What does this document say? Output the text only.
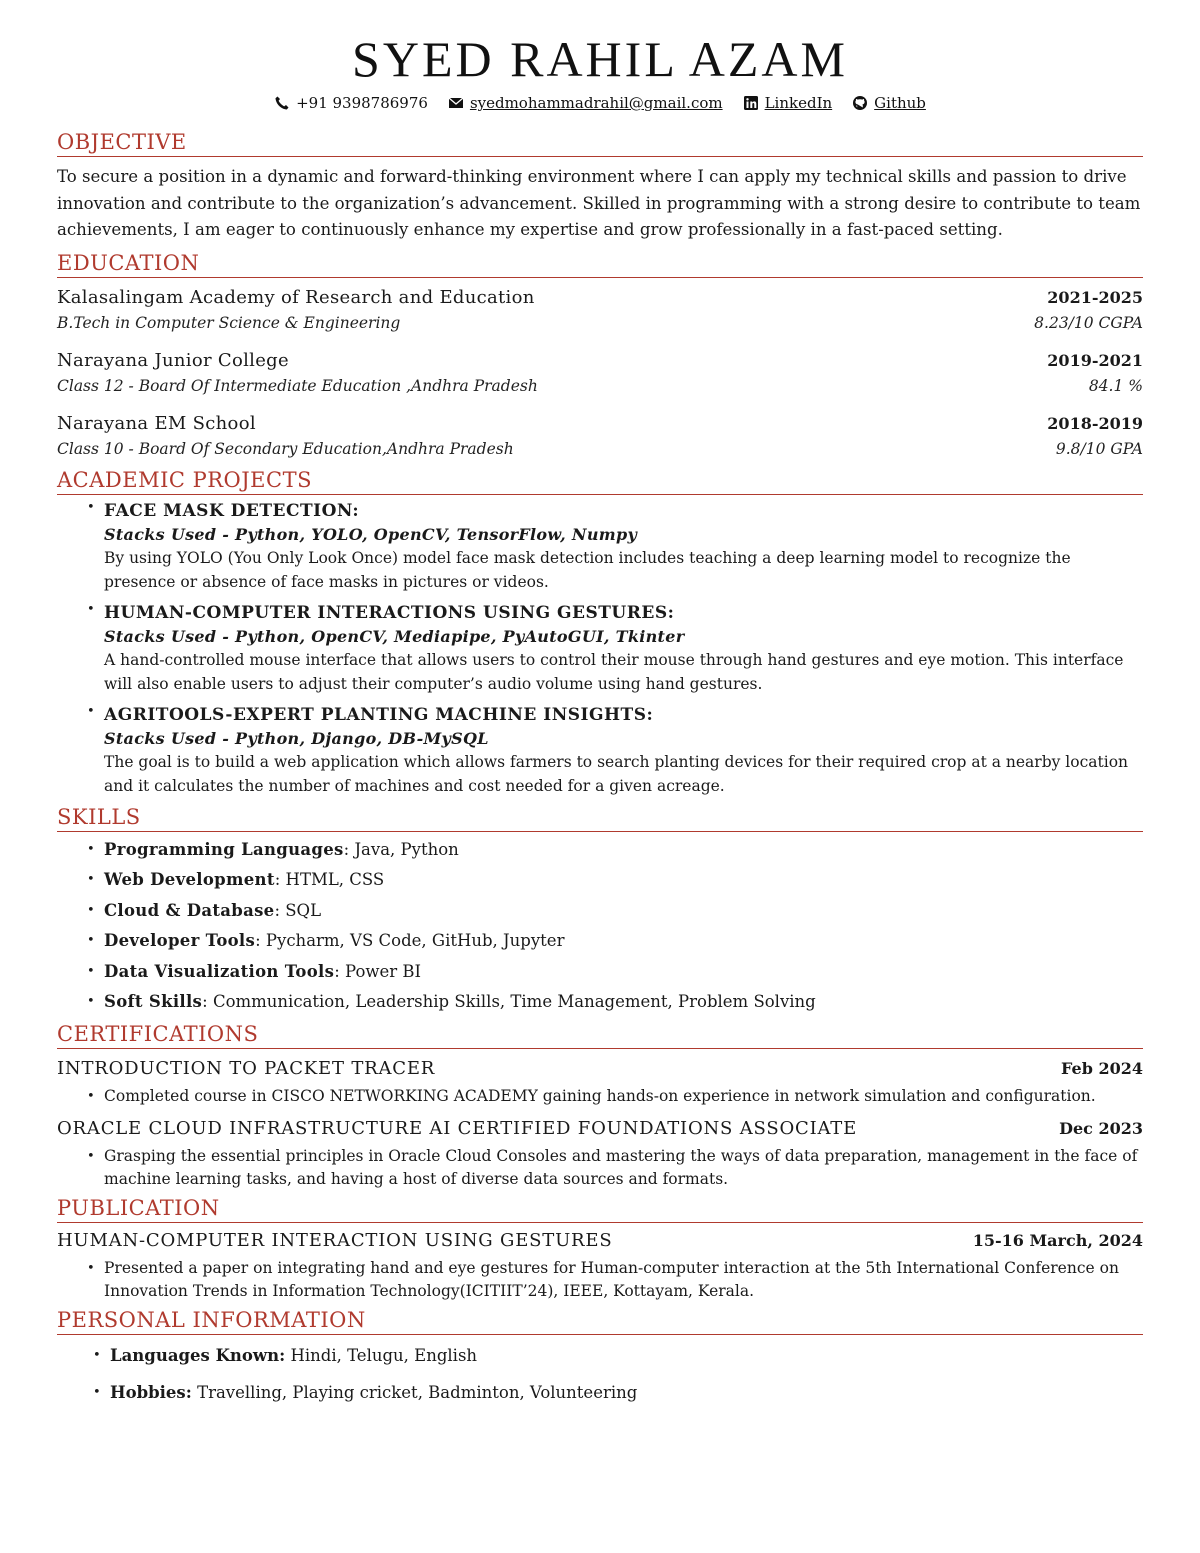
SYED RAHIL AZAM
+91 9398786976	syedmohammadrahil@gmail.com	LinkedIn	Github
OBJECTIVE

To secure a position in a dynamic and forward-thinking environment where I can apply my technical skills and passion to drive innovation and contribute to the organization’s advancement. Skilled in programming with a strong desire to contribute to team achievements, I am eager to continuously enhance my expertise and grow professionally in a fast-paced setting.

EDUCATION
Kalasalingam Academy of Research and Education	2021-2025
B.Tech in Computer Science & Engineering	8.23/10 CGPA
Narayana Junior College	2019-2021
Class 12 - Board Of Intermediate Education ,Andhra Pradesh	84.1 %
Narayana EM School	2018-2019
Class 10 - Board Of Secondary Education,Andhra Pradesh	9.8/10 GPA
ACADEMIC PROJECTS
• FACE MASK DETECTION:
Stacks Used - Python, YOLO, OpenCV, TensorFlow, Numpy
By using YOLO (You Only Look Once) model face mask detection includes teaching a deep learning model to recognize the presence or absence of face masks in pictures or videos.
• HUMAN-COMPUTER INTERACTIONS USING GESTURES:
Stacks Used - Python, OpenCV, Mediapipe, PyAutoGUI, Tkinter
A hand-controlled mouse interface that allows users to control their mouse through hand gestures and eye motion. This interface will also enable users to adjust their computer’s audio volume using hand gestures.
• AGRITOOLS-EXPERT PLANTING MACHINE INSIGHTS:
Stacks Used - Python, Django, DB-MySQL
The goal is to build a web application which allows farmers to search planting devices for their required crop at a nearby location and it calculates the number of machines and cost needed for a given acreage.
SKILLS
• Programming Languages: Java, Python
• Web Development: HTML, CSS
• Cloud & Database: SQL
• Developer Tools: Pycharm, VS Code, GitHub, Jupyter
• Data Visualization Tools: Power BI
• Soft Skills: Communication, Leadership Skills, Time Management, Problem Solving
CERTIFICATIONS
INTRODUCTION TO PACKET TRACER	Feb 2024
• Completed course in CISCO NETWORKING ACADEMY gaining hands-on experience in network simulation and configuration.
ORACLE CLOUD INFRASTRUCTURE AI CERTIFIED FOUNDATIONS ASSOCIATE	Dec 2023
• Grasping the essential principles in Oracle Cloud Consoles and mastering the ways of data preparation, management in the face of machine learning tasks, and having a host of diverse data sources and formats.
PUBLICATION
HUMAN-COMPUTER INTERACTION USING GESTURES	15-16 March, 2024
• Presented a paper on integrating hand and eye gestures for Human-computer interaction at the 5th International Conference on Innovation Trends in Information Technology(ICITIIT’24), IEEE, Kottayam, Kerala.
PERSONAL INFORMATION
• Languages Known: Hindi, Telugu, English
• Hobbies: Travelling, Playing cricket, Badminton, Volunteering
